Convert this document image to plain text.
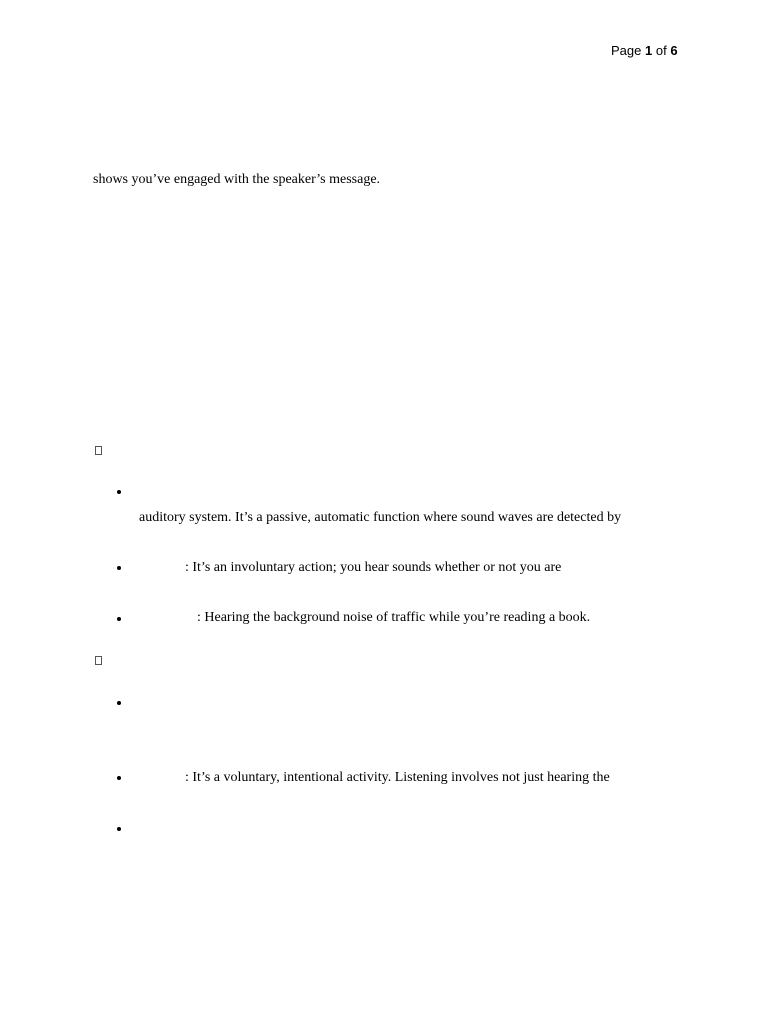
Page 1 of 6
shows you’ve engaged with the speaker’s message.
auditory system. It’s a passive, automatic function where sound waves are detected by
: It’s an involuntary action; you hear sounds whether or not you are
: Hearing the background noise of traffic while you’re reading a book.
: It’s a voluntary, intentional activity. Listening involves not just hearing the
